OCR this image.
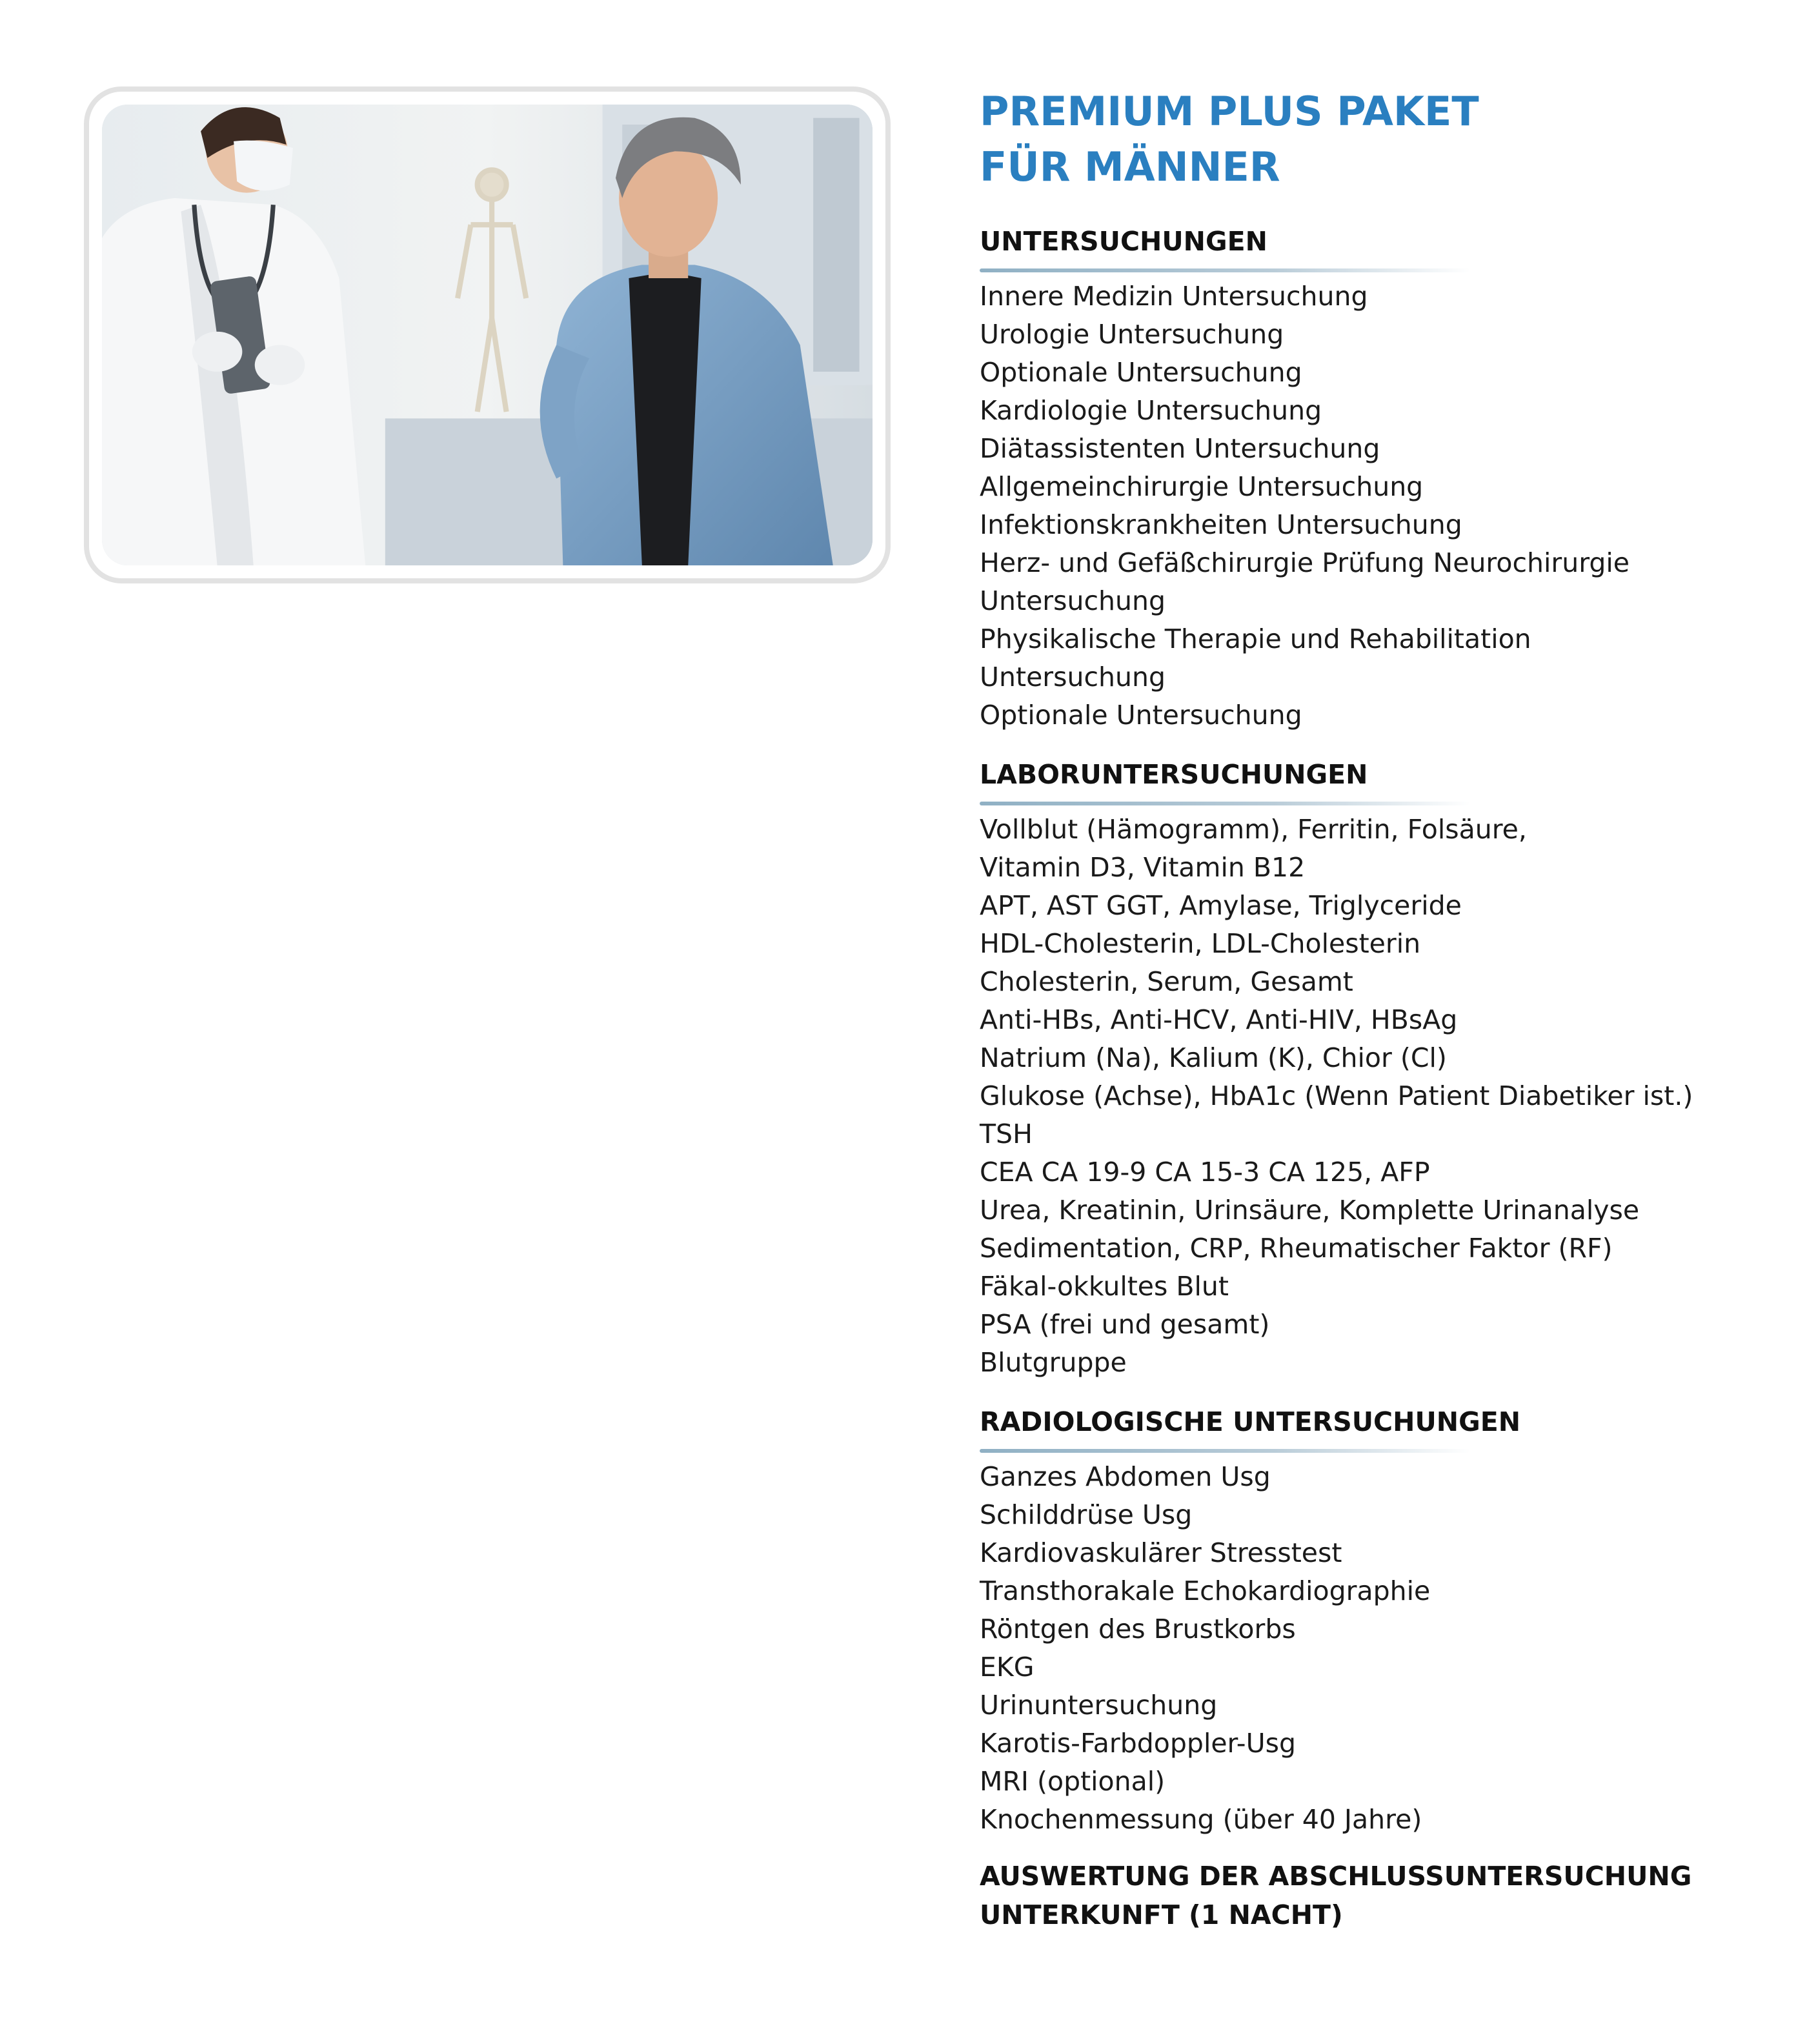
PREMIUM PLUS PAKET
FÜR MÄNNER
UNTERSUCHUNGEN
Innere Medizin Untersuchung
Urologie Untersuchung
Optionale Untersuchung
Kardiologie Untersuchung
Diätassistenten Untersuchung
Allgemeinchirurgie Untersuchung
Infektionskrankheiten Untersuchung
Herz- und Gefäßchirurgie Prüfung Neurochirurgie
Untersuchung
Physikalische Therapie und Rehabilitation
Untersuchung
Optionale Untersuchung
LABORUNTERSUCHUNGEN
Vollblut (Hämogramm), Ferritin, Folsäure,
Vitamin D3, Vitamin B12
APT, AST GGT, Amylase, Triglyceride
HDL-Cholesterin, LDL-Cholesterin
Cholesterin, Serum, Gesamt
Anti-HBs, Anti-HCV, Anti-HIV, HBsAg
Natrium (Na), Kalium (K), Chior (Cl)
Glukose (Achse), HbA1c (Wenn Patient Diabetiker ist.)
TSH
CEA CA 19-9 CA 15-3 CA 125, AFP
Urea, Kreatinin, Urinsäure, Komplette Urinanalyse
Sedimentation, CRP, Rheumatischer Faktor (RF)
Fäkal-okkultes Blut
PSA (frei und gesamt)
Blutgruppe
RADIOLOGISCHE UNTERSUCHUNGEN
Ganzes Abdomen Usg
Schilddrüse Usg
Kardiovaskulärer Stresstest
Transthorakale Echokardiographie
Röntgen des Brustkorbs
EKG
Urinuntersuchung
Karotis-Farbdoppler-Usg
MRI (optional)
Knochenmessung (über 40 Jahre)

AUSWERTUNG DER ABSCHLUSSUNTERSUCHUNG

UNTERKUNFT (1 NACHT)
